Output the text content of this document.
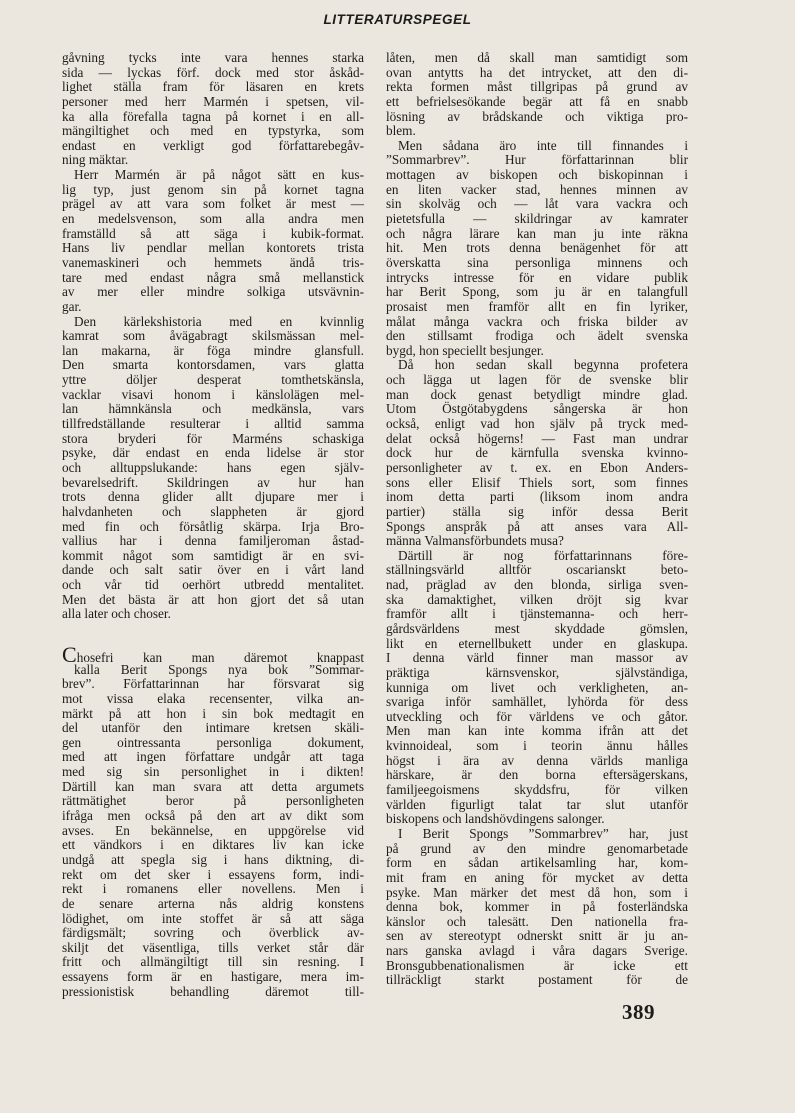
LITTERATURSPEGEL
gåvning tycks inte vara hennes starka
sida — lyckas förf. dock med stor åskåd-
lighet ställa fram för läsaren en krets
personer med herr Marmén i spetsen, vil-
ka alla förefalla tagna på kornet i en all-
mängiltighet och med en typstyrka, som
endast en verkligt god författarebegåv-
ning mäktar.
Herr Marmén är på något sätt en kus-
lig typ, just genom sin på kornet tagna
prägel av att vara som folket är mest —
en medelsvenson, som alla andra men
framställd så att säga i kubik-format.
Hans liv pendlar mellan kontorets trista
vanemaskineri och hemmets ändå tris-
tare med endast några små mellanstick
av mer eller mindre solkiga utsvävnin-
gar.
Den kärlekshistoria med en kvinnlig
kamrat som åvägabragt skilsmässan mel-
lan makarna, är föga mindre glansfull.
Den smarta kontorsdamen, vars glatta
yttre döljer desperat tomthetskänsla,
vacklar visavi honom i känslolägen mel-
lan hämnkänsla och medkänsla, vars
tillfredställande resulterar i alltid samma
stora bryderi för Marméns schaskiga
psyke, där endast en enda lidelse är stor
och alltuppslukande: hans egen själv-
bevarelsedrift. Skildringen av hur han
trots denna glider allt djupare mer i
halvdanheten och slappheten är gjord
med fin och försåtlig skärpa. Irja Bro-
vallius har i denna familjeroman åstad-
kommit något som samtidigt är en svi-
dande och salt satir över en i vårt land
och vår tid oerhört utbredd mentalitet.
Men det bästa är att hon gjort det så utan
alla later och choser.
Chosefri kan man däremot knappast
kalla Berit Spongs nya bok ”Sommar-
brev”. Författarinnan har försvarat sig
mot vissa elaka recensenter, vilka an-
märkt på att hon i sin bok medtagit en
del utanför den intimare kretsen skäli-
gen ointressanta personliga dokument,
med att ingen författare undgår att taga
med sig sin personlighet in i dikten!
Därtill kan man svara att detta argumets
rättmätighet beror på personligheten
ifråga men också på den art av dikt som
avses. En bekännelse, en uppgörelse vid
ett vändkors i en diktares liv kan icke
undgå att spegla sig i hans diktning, di-
rekt om det sker i essayens form, indi-
rekt i romanens eller novellens. Men i
de senare arterna nås aldrig konstens
lödighet, om inte stoffet är så att säga
färdigsmält; sovring och överblick av-
skiljt det väsentliga, tills verket står där
fritt och allmängiltigt till sin resning. I
essayens form är en hastigare, mera im-
pressionistisk behandling däremot till-
låten, men då skall man samtidigt som
ovan antytts ha det intrycket, att den di-
rekta formen måst tillgripas på grund av
ett befrielsesökande begär att få en snabb
lösning av brådskande och viktiga pro-
blem.
Men sådana äro inte till finnandes i
”Sommarbrev”. Hur författarinnan blir
mottagen av biskopen och biskopinnan i
en liten vacker stad, hennes minnen av
sin skolväg och — låt vara vackra och
pietetsfulla — skildringar av kamrater
och några lärare kan man ju inte räkna
hit. Men trots denna benägenhet för att
överskatta sina personliga minnens och
intrycks intresse för en vidare publik
har Berit Spong, som ju är en talangfull
prosaist men framför allt en fin lyriker,
målat många vackra och friska bilder av
den stillsamt frodiga och ädelt svenska
bygd, hon speciellt besjunger.
Då hon sedan skall begynna profetera
och lägga ut lagen för de svenske blir
man dock genast betydligt mindre glad.
Utom Östgötabygdens sångerska är hon
också, enligt vad hon själv på tryck med-
delat också högerns! — Fast man undrar
dock hur de kärnfulla svenska kvinno-
personligheter av t. ex. en Ebon Anders-
sons eller Elisif Thiels sort, som finnes
inom detta parti (liksom inom andra
partier) ställa sig inför dessa Berit
Spongs anspråk på att anses vara All-
männa Valmansförbundets musa?
Därtill är nog författarinnans före-
ställningsvärld alltför oscarianskt beto-
nad, präglad av den blonda, sirliga sven-
ska damaktighet, vilken dröjt sig kvar
framför allt i tjänstemanna- och herr-
gårdsvärldens mest skyddade gömslen,
likt en eternellbukett under en glaskupa.
I denna värld finner man massor av
präktiga kärnsvenskor, självständiga,
kunniga om livet och verkligheten, an-
svariga inför samhället, lyhörda för dess
utveckling och för världens ve och gåtor.
Men man kan inte komma ifrån att det
kvinnoideal, som i teorin ännu hålles
högst i ära av denna världs manliga
härskare, är den borna eftersägerskans,
familjeegoismens skyddsfru, för vilken
världen figurligt talat tar slut utanför
biskopens och landshövdingens salonger.
I Berit Spongs ”Sommarbrev” har, just
på grund av den mindre genomarbetade
form en sådan artikelsamling har, kom-
mit fram en aning för mycket av detta
psyke. Man märker det mest då hon, som i
denna bok, kommer in på fosterländska
känslor och talesätt. Den nationella fra-
sen av stereotypt odnerskt snitt är ju an-
nars ganska avlagd i våra dagars Sverige.
Bronsgubbenationalismen är icke ett
tillräckligt starkt postament för de
389
